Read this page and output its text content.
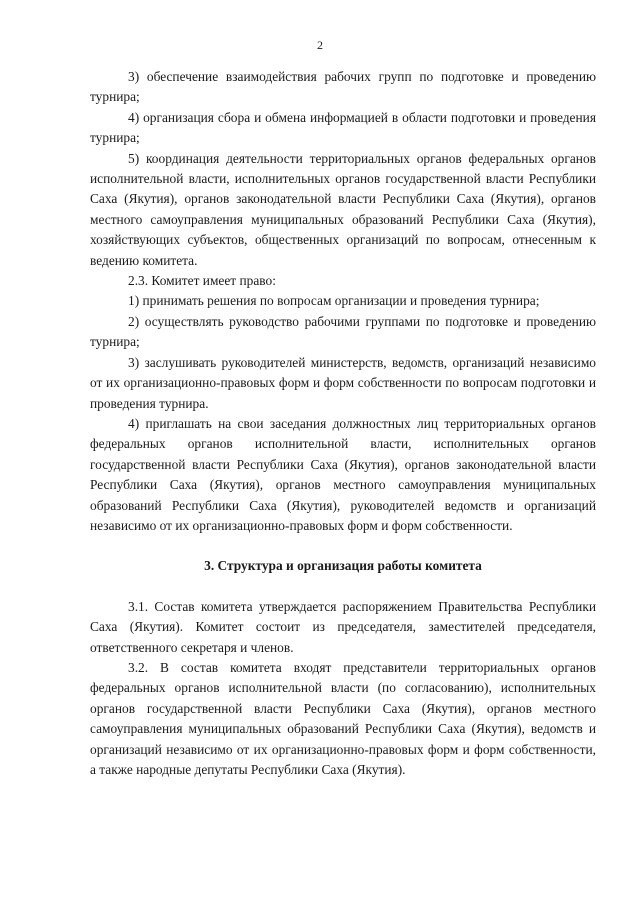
2

3) обеспечение взаимодействия рабочих групп по подготовке и проведению турнира;

4) организация сбора и обмена информацией в области подготовки и проведения турнира;

5) координация деятельности территориальных органов федеральных органов исполнительной власти, исполнительных органов государственной власти Республики Саха (Якутия), органов законодательной власти Республики Саха (Якутия), органов местного самоуправления муниципальных образований Республики Саха (Якутия), хозяйствующих субъектов, общественных организаций по вопросам, отнесенным к ведению комитета.

2.3. Комитет имеет право:

1) принимать решения по вопросам организации и проведения турнира;

2) осуществлять руководство рабочими группами по подготовке и проведению турнира;

3) заслушивать руководителей министерств, ведомств, организаций независимо от их организационно-правовых форм и форм собственности по вопросам подготовки и проведения турнира.

4) приглашать на свои заседания должностных лиц территориальных органов федеральных органов исполнительной власти, исполнительных органов государственной власти Республики Саха (Якутия), органов законодательной власти Республики Саха (Якутия), органов местного самоуправления муниципальных образований Республики Саха (Якутия), руководителей ведомств и организаций независимо от их организационно-правовых форм и форм собственности.

3. Структура и организация работы комитета

3.1. Состав комитета утверждается распоряжением Правительства Республики Саха (Якутия). Комитет состоит из председателя, заместителей председателя, ответственного секретаря и членов.

3.2. В состав комитета входят представители территориальных органов федеральных органов исполнительной власти (по согласованию), исполнительных органов государственной власти Республики Саха (Якутия), органов местного самоуправления муниципальных образований Республики Саха (Якутия), ведомств и организаций независимо от их организационно-правовых форм и форм собственности, а также народные депутаты Республики Саха (Якутия).
